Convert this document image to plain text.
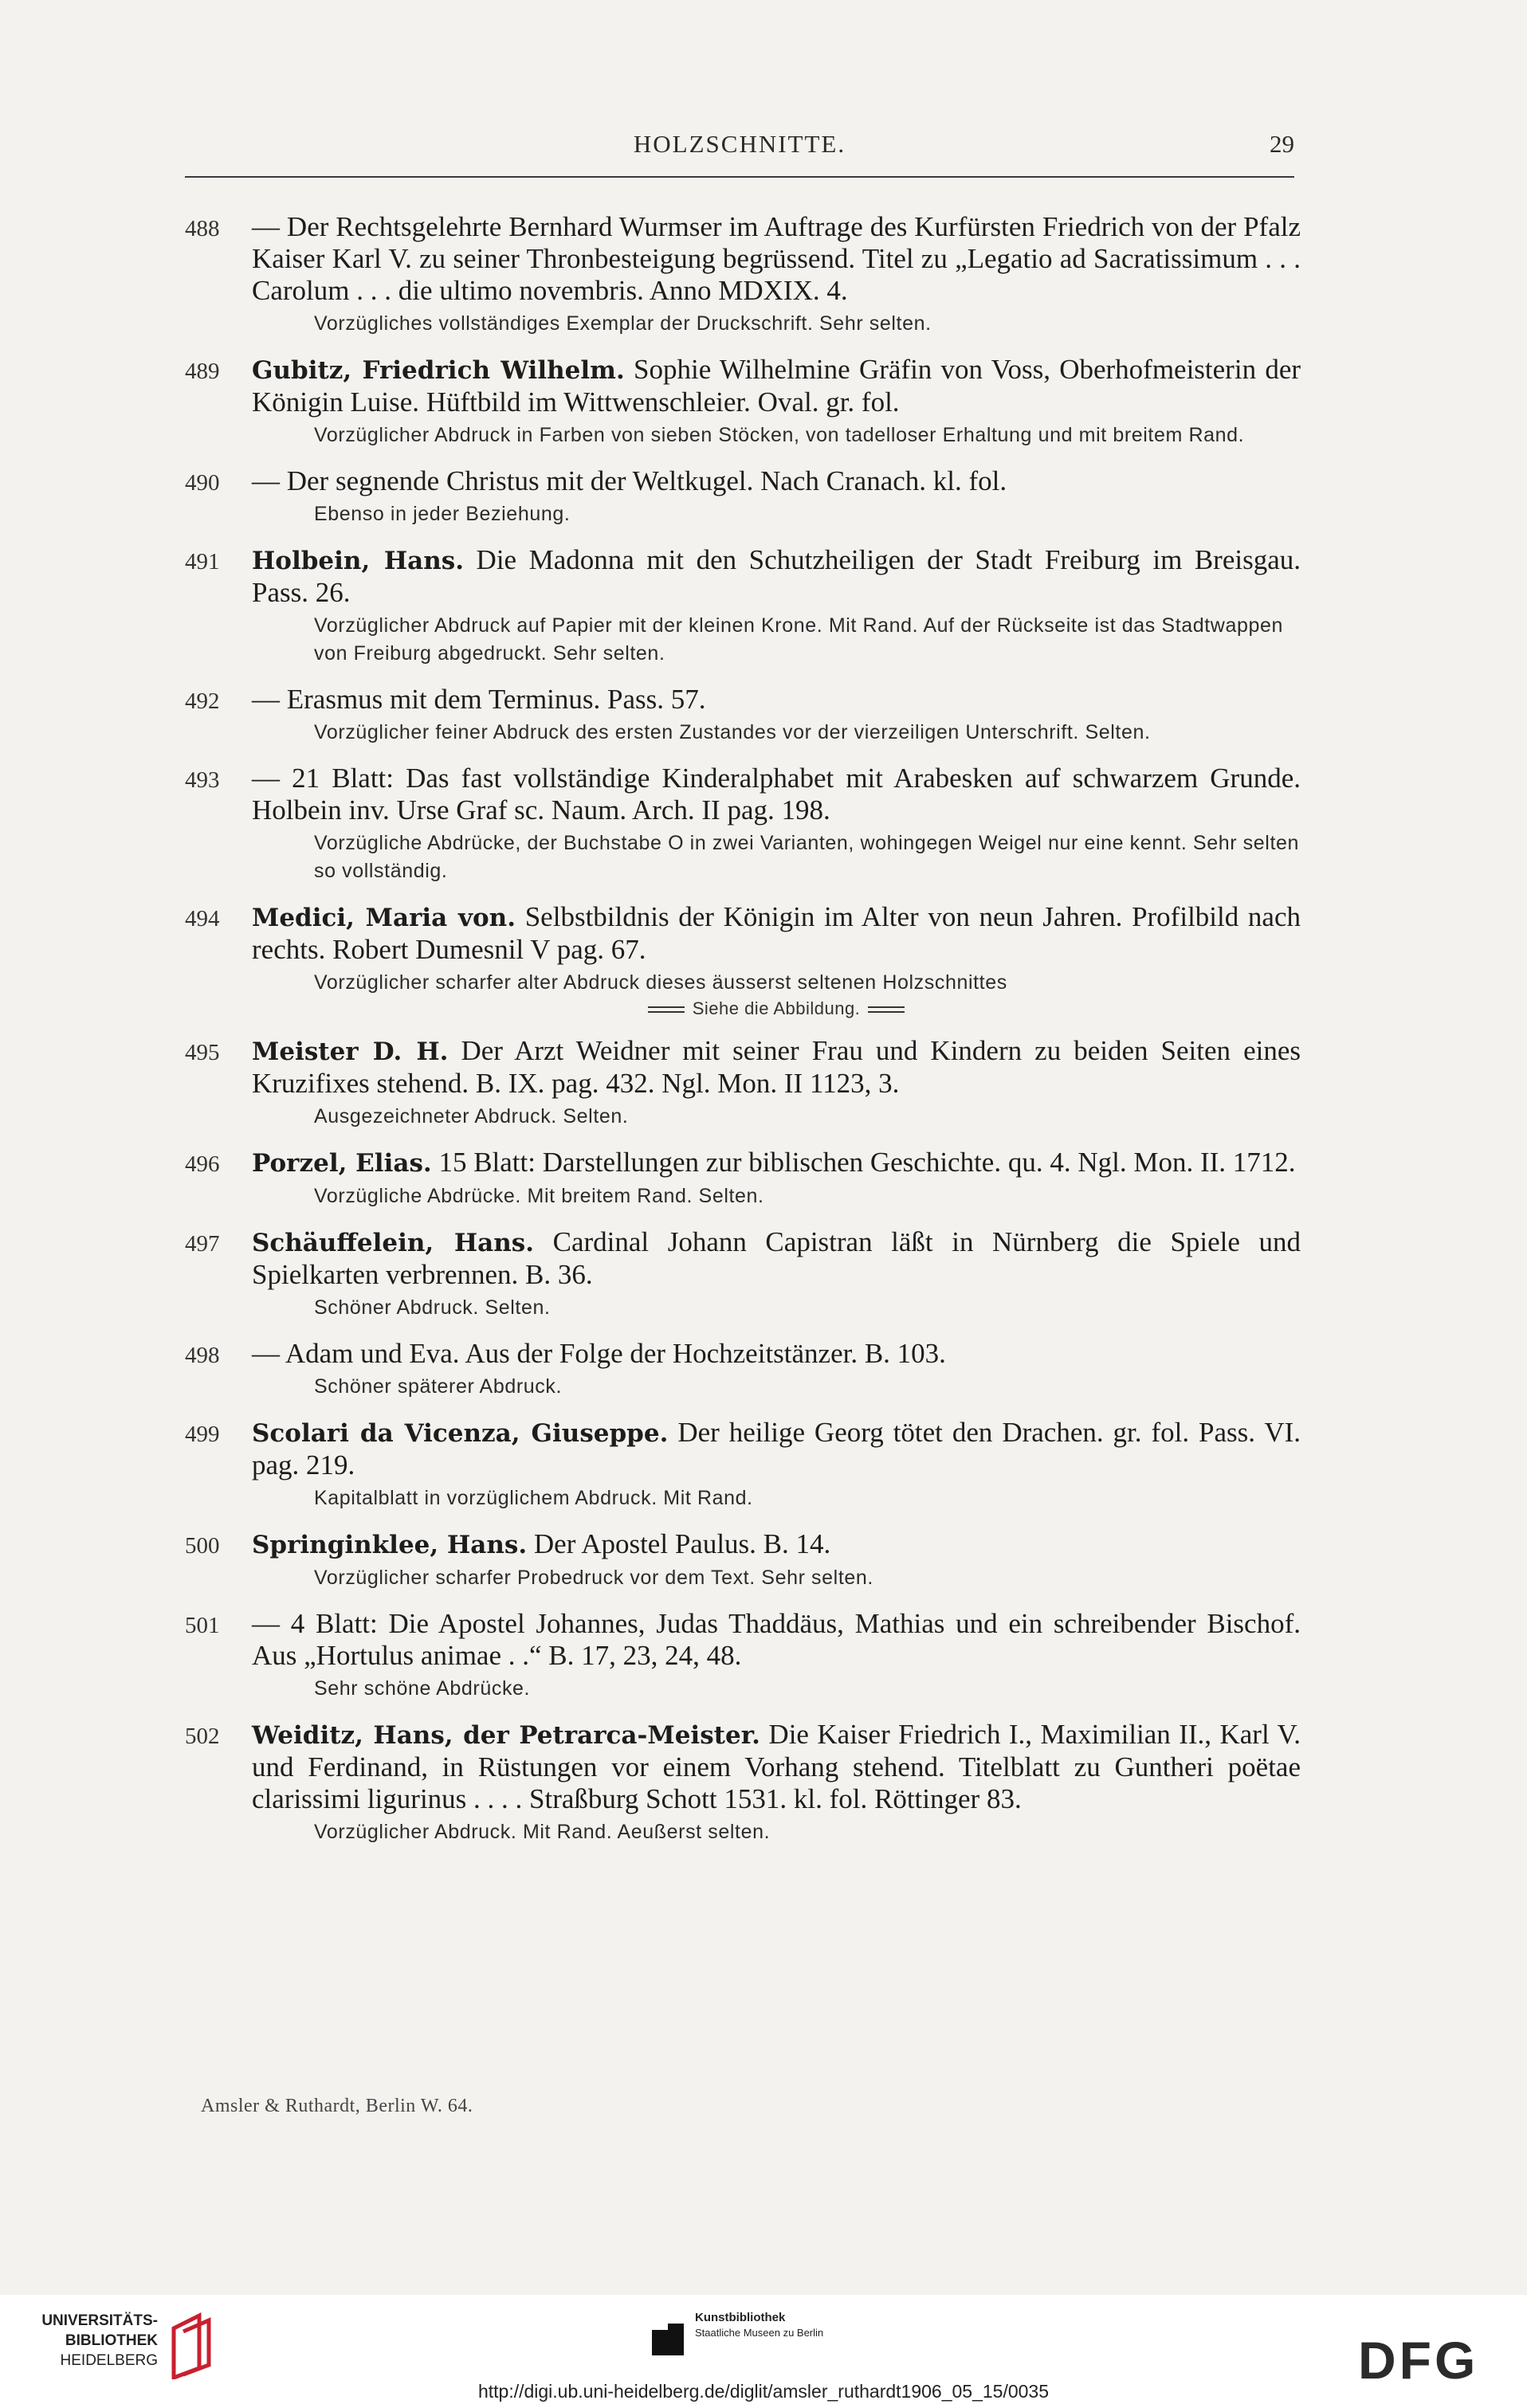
HOLZSCHNITTE.	29
488 — Der Rechtsgelehrte Bernhard Wurmser im Auftrage des Kurfürsten Friedrich von der Pfalz Kaiser Karl V. zu seiner Thronbesteigung begrüssend. Titel zu „Legatio ad Sacratissimum . . . Carolum . . . die ultimo novembris. Anno MDXIX. 4.
Vorzügliches vollständiges Exemplar der Druckschrift. Sehr selten.
489 Gubitz, Friedrich Wilhelm. Sophie Wilhelmine Gräfin von Voss, Oberhofmeisterin der Königin Luise. Hüftbild im Wittwenschleier. Oval. gr. fol.
Vorzüglicher Abdruck in Farben von sieben Stöcken, von tadelloser Erhaltung und mit breitem Rand.
490 — Der segnende Christus mit der Weltkugel. Nach Cranach. kl. fol.
Ebenso in jeder Beziehung.
491 Holbein, Hans. Die Madonna mit den Schutzheiligen der Stadt Freiburg im Breisgau. Pass. 26.
Vorzüglicher Abdruck auf Papier mit der kleinen Krone. Mit Rand. Auf der Rückseite ist das Stadtwappen von Freiburg abgedruckt. Sehr selten.
492 — Erasmus mit dem Terminus. Pass. 57.
Vorzüglicher feiner Abdruck des ersten Zustandes vor der vierzeiligen Unterschrift. Selten.
493 — 21 Blatt: Das fast vollständige Kinderalphabet mit Arabesken auf schwarzem Grunde. Holbein inv. Urse Graf sc. Naum. Arch. II pag. 198.
Vorzügliche Abdrücke, der Buchstabe O in zwei Varianten, wohingegen Weigel nur eine kennt. Sehr selten so vollständig.
494 Medici, Maria von. Selbstbildnis der Königin im Alter von neun Jahren. Profilbild nach rechts. Robert Dumesnil V pag. 67.
Vorzüglicher scharfer alter Abdruck dieses äusserst seltenen Holzschnittes
Siehe die Abbildung.
495 Meister D. H. Der Arzt Weidner mit seiner Frau und Kindern zu beiden Seiten eines Kruzifixes stehend. B. IX. pag. 432. Ngl. Mon. II 1123, 3.
Ausgezeichneter Abdruck. Selten.
496 Porzel, Elias. 15 Blatt: Darstellungen zur biblischen Geschichte. qu. 4. Ngl. Mon. II. 1712.
Vorzügliche Abdrücke. Mit breitem Rand. Selten.
497 Schäuffelein, Hans. Cardinal Johann Capistran läßt in Nürnberg die Spiele und Spielkarten verbrennen. B. 36.
Schöner Abdruck. Selten.
498 — Adam und Eva. Aus der Folge der Hochzeitstänzer. B. 103.
Schöner späterer Abdruck.
499 Scolari da Vicenza, Giuseppe. Der heilige Georg tötet den Drachen. gr. fol. Pass. VI. pag. 219.
Kapitalblatt in vorzüglichem Abdruck. Mit Rand.
500 Springinklee, Hans. Der Apostel Paulus. B. 14.
Vorzüglicher scharfer Probedruck vor dem Text. Sehr selten.
501 — 4 Blatt: Die Apostel Johannes, Judas Thaddäus, Mathias und ein schreibender Bischof. Aus „Hortulus animae . .“ B. 17, 23, 24, 48.
Sehr schöne Abdrücke.
502 Weiditz, Hans, der Petrarca-Meister. Die Kaiser Friedrich I., Maximilian II., Karl V. und Ferdinand, in Rüstungen vor einem Vorhang stehend. Titelblatt zu Guntheri poëtae clarissimi ligurinus . . . . Straßburg Schott 1531. kl. fol. Röttinger 83.
Vorzüglicher Abdruck. Mit Rand. Aeußerst selten.
Amsler & Ruthardt, Berlin W. 64.
UNIVERSITÄTS-
BIBLIOTHEK
HEIDELBERG
Kunstbibliothek
Staatliche Museen zu Berlin	DFG
http://digi.ub.uni-heidelberg.de/diglit/amsler_ruthardt1906_05_15/0035
